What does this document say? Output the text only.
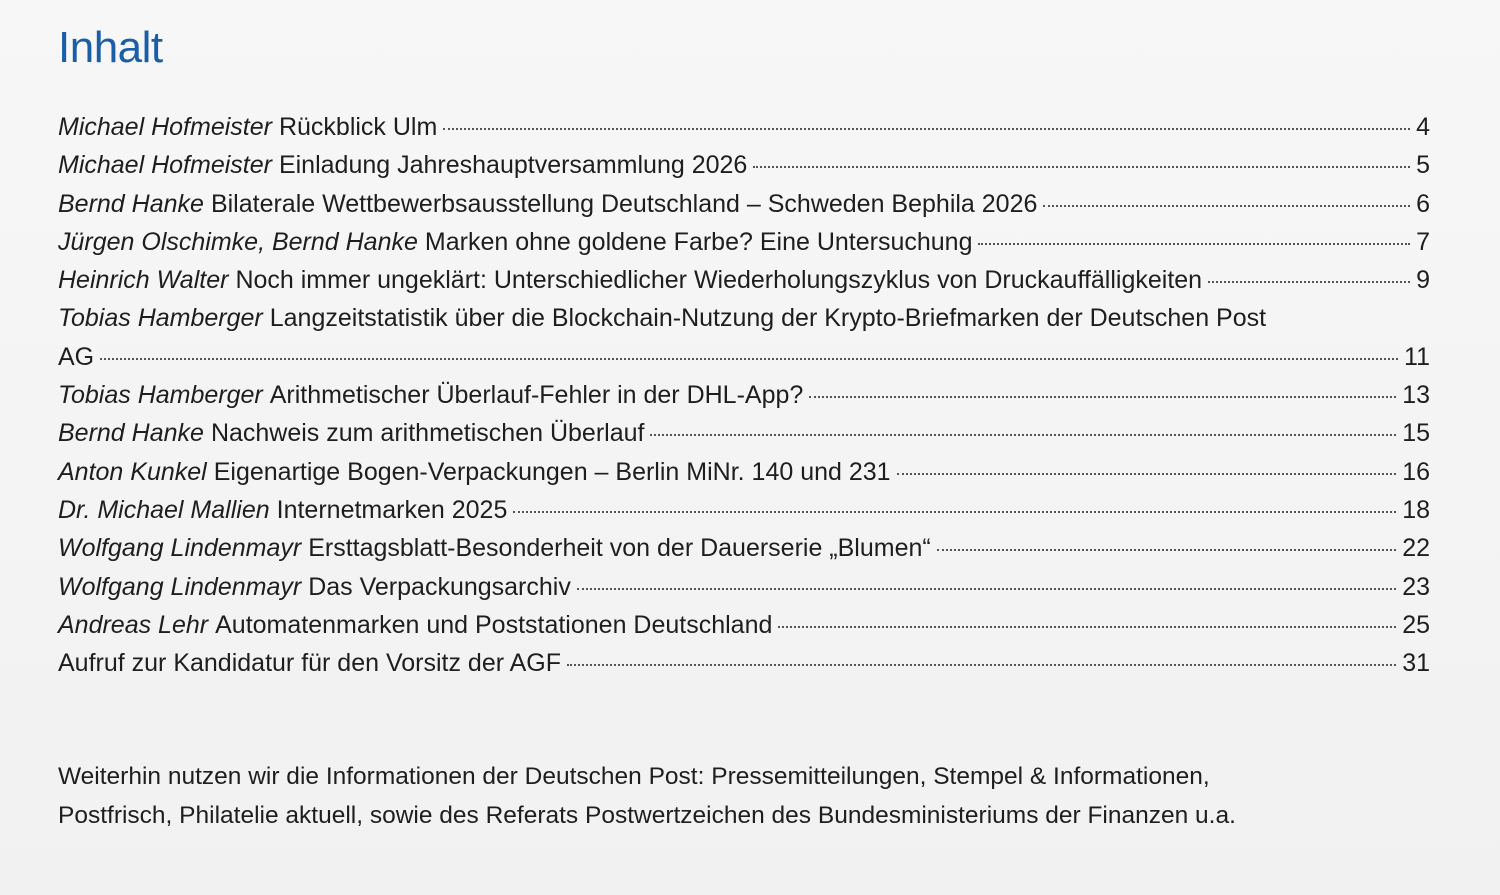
Inhalt
Michael Hofmeister Rückblick Ulm	4
Michael Hofmeister Einladung Jahreshauptversammlung 2026	5
Bernd Hanke Bilaterale Wettbewerbsausstellung Deutschland – Schweden Bephila 2026	6
Jürgen Olschimke, Bernd Hanke Marken ohne goldene Farbe? Eine Untersuchung	7
Heinrich Walter Noch immer ungeklärt: Unterschiedlicher Wiederholungszyklus von Druckauffälligkeiten	9
Tobias Hamberger Langzeitstatistik über die Blockchain-Nutzung der Krypto-Briefmarken der Deutschen Post
AG	11
Tobias Hamberger Arithmetischer Überlauf-Fehler in der DHL-App?	13
Bernd Hanke Nachweis zum arithmetischen Überlauf	15
Anton Kunkel Eigenartige Bogen-Verpackungen – Berlin MiNr. 140 und 231	16
Dr. Michael Mallien Internetmarken 2025	18
Wolfgang Lindenmayr Ersttagsblatt-Besonderheit von der Dauerserie „Blumen“	22
Wolfgang Lindenmayr Das Verpackungsarchiv	23
Andreas Lehr Automatenmarken und Poststationen Deutschland	25
Aufruf zur Kandidatur für den Vorsitz der AGF	31

Weiterhin nutzen wir die Informationen der Deutschen Post: Pressemitteilungen, Stempel & Informationen,

Postfrisch, Philatelie aktuell, sowie des Referats Postwertzeichen des Bundesministeriums der Finanzen u.a.
